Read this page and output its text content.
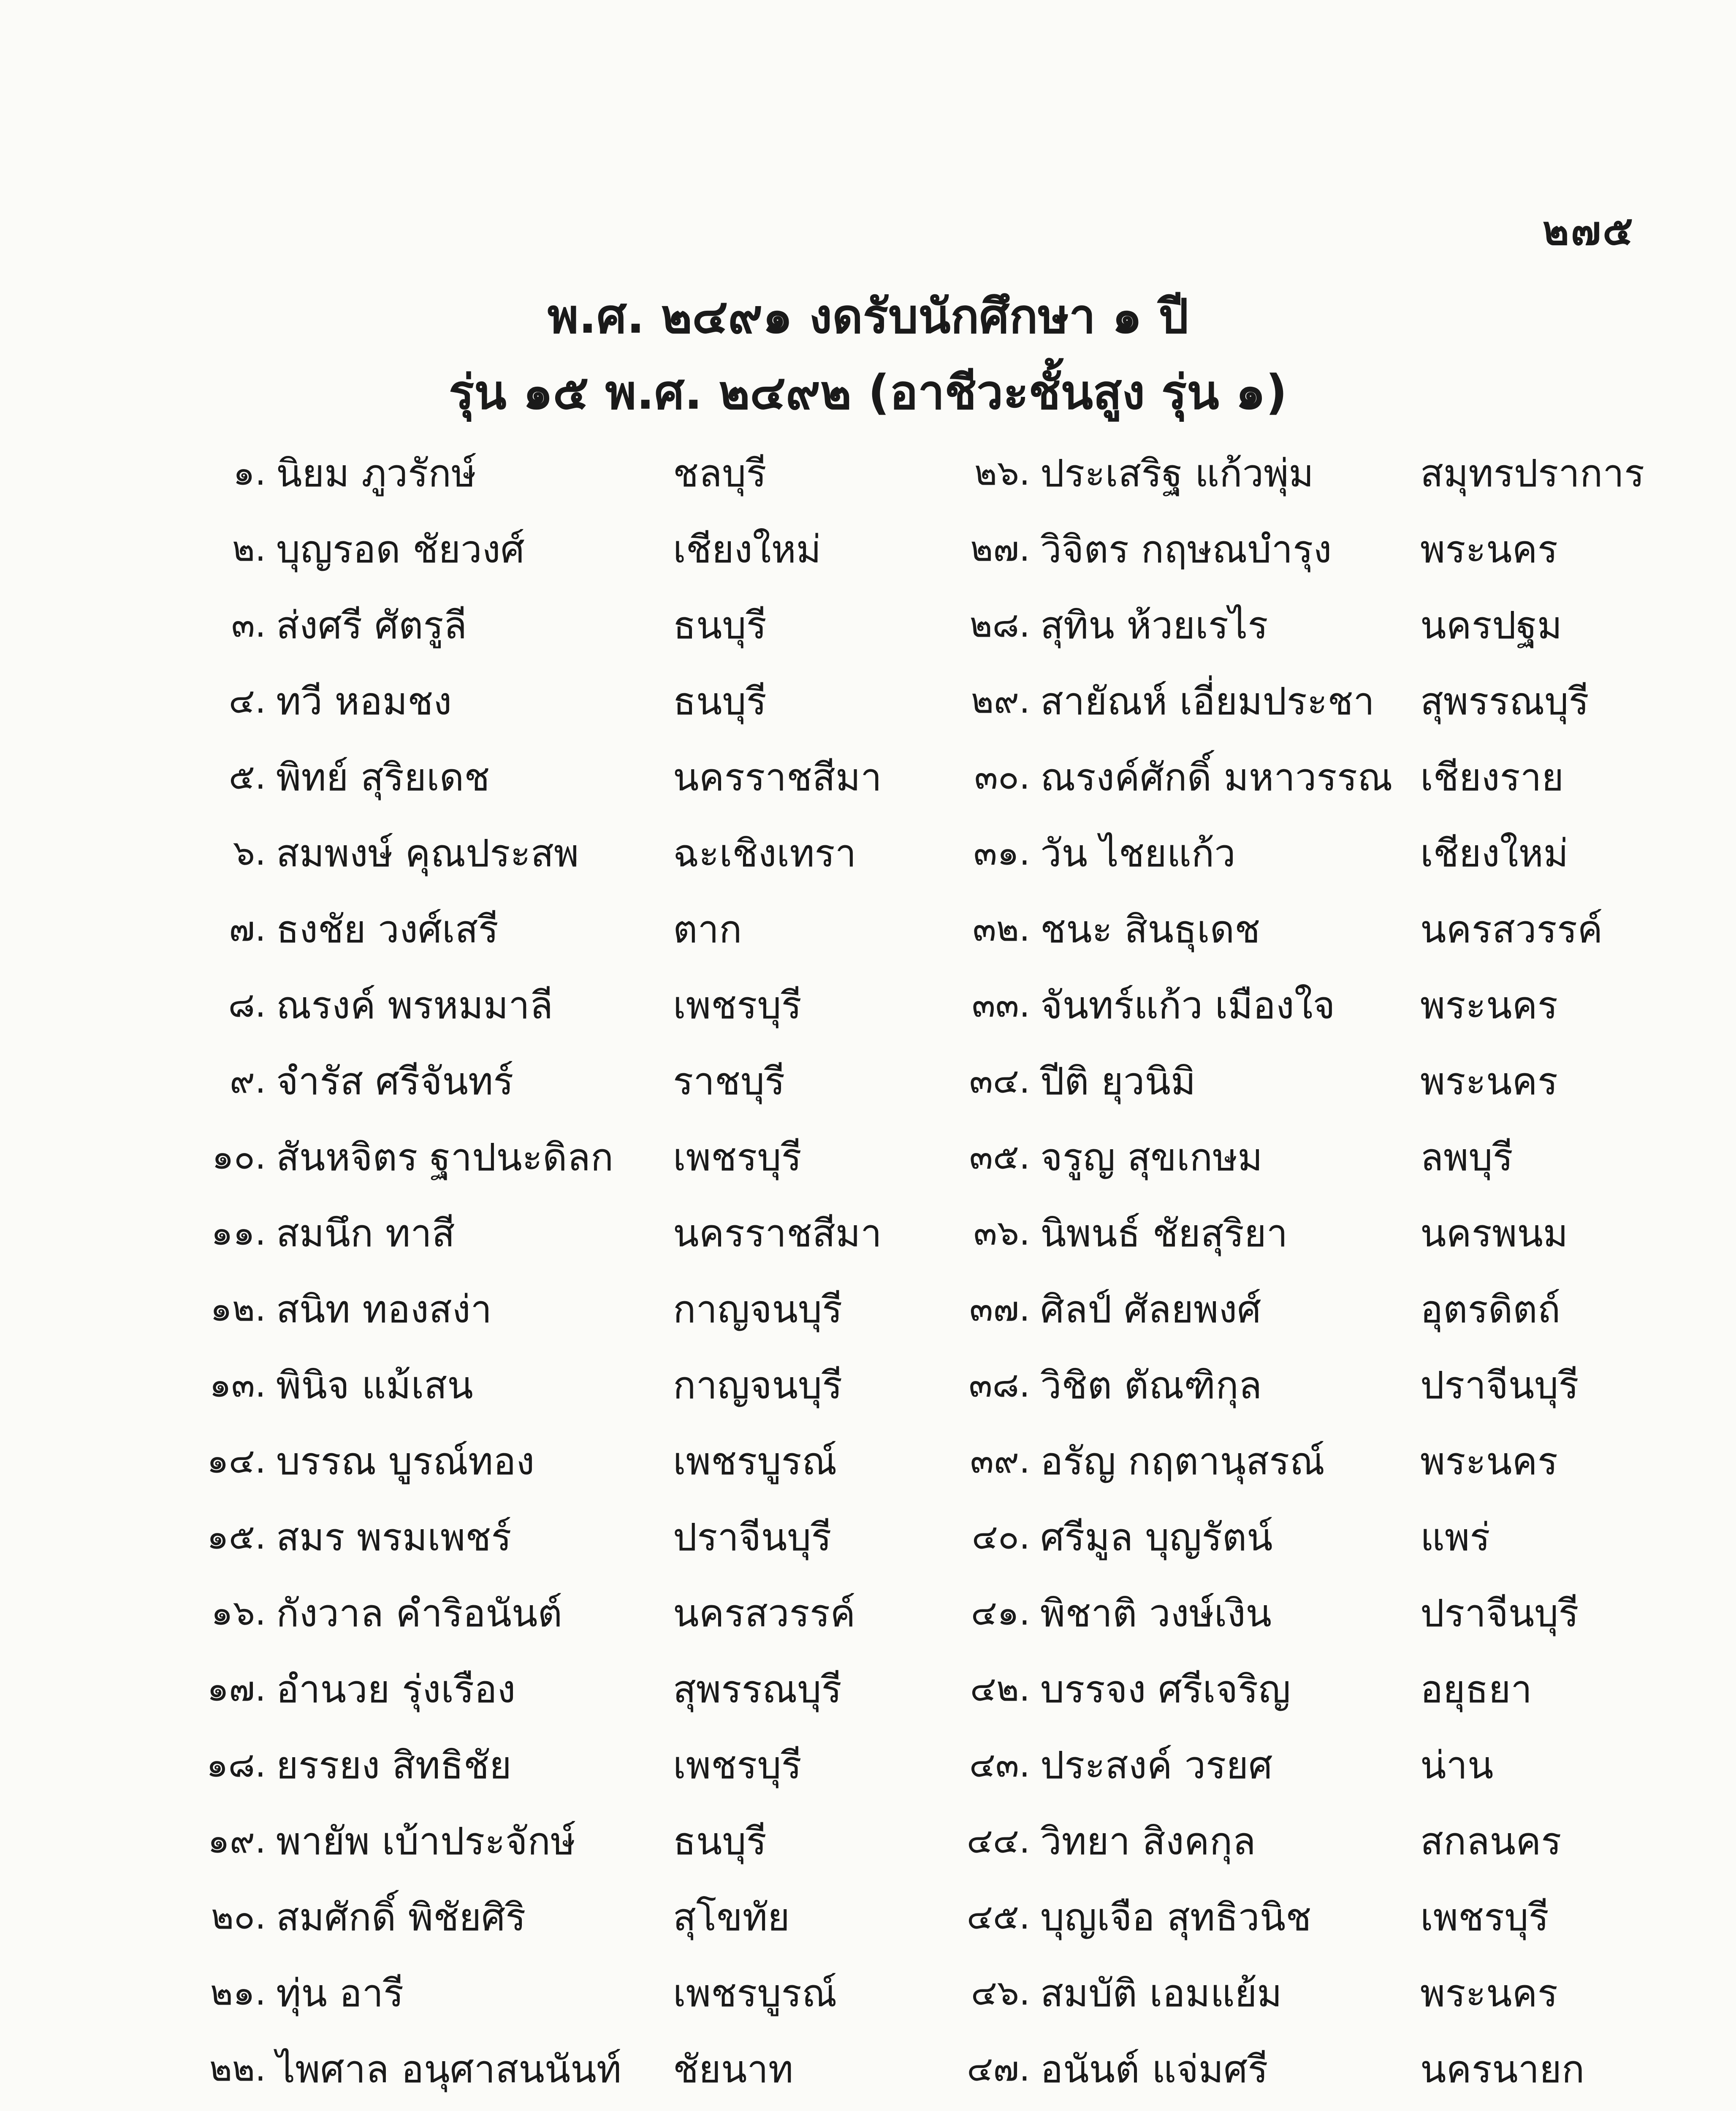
๒๗๕
พ.ศ. ๒๔๙๑ งดรับนักศึกษา ๑ ปี
รุ่น ๑๕ พ.ศ. ๒๔๙๒ (อาชีวะชั้นสูง รุ่น ๑)
๑. นิยม ภูวรักษ์	ชลบุรี
๒. บุญรอด ชัยวงศ์	เชียงใหม่
๓. ส่งศรี ศัตรูลี	ธนบุรี
๔. ทวี หอมชง	ธนบุรี
๕. พิทย์ สุริยเดช	นครราชสีมา
๖. สมพงษ์ คุณประสพ	ฉะเชิงเทรา
๗. ธงชัย วงศ์เสรี	ตาก
๘. ณรงค์ พรหมมาลี	เพชรบุรี
๙. จำรัส ศรีจันทร์	ราชบุรี
๑๐. สันหจิตร ฐาปนะดิลก	เพชรบุรี
๑๑. สมนึก ทาสี	นครราชสีมา
๑๒. สนิท ทองสง่า	กาญจนบุรี
๑๓. พินิจ แม้เสน	กาญจนบุรี
๑๔. บรรณ บูรณ์ทอง	เพชรบูรณ์
๑๕. สมร พรมเพชร์	ปราจีนบุรี
๑๖. กังวาล คำริอนันต์	นครสวรรค์
๑๗. อำนวย รุ่งเรือง	สุพรรณบุรี
๑๘. ยรรยง สิทธิชัย	เพชรบุรี
๑๙. พายัพ เบ้าประจักษ์	ธนบุรี
๒๐. สมศักดิ์ พิชัยศิริ	สุโขทัย
๒๑. ทุ่น อารี	เพชรบูรณ์
๒๒. ไพศาล อนุศาสนนันท์	ชัยนาท
๒๖. ประเสริฐ แก้วพุ่ม	สมุทรปราการ
๒๗. วิจิตร กฤษณบำรุง	พระนคร
๒๘. สุทิน ห้วยเรไร	นครปฐม
๒๙. สายัณห์ เอี่ยมประชา	สุพรรณบุรี
๓๐. ณรงค์ศักดิ์ มหาวรรณ เชียงราย
๓๑. วัน ไชยแก้ว	เชียงใหม่
๓๒. ชนะ สินธุเดช	นครสวรรค์
๓๓. จันทร์แก้ว เมืองใจ	พระนคร
๓๔. ปีติ ยุวนิมิ	พระนคร
๓๕. จรูญ สุขเกษม	ลพบุรี
๓๖. นิพนธ์ ชัยสุริยา	นครพนม
๓๗. ศิลป์ ศัลยพงศ์	อุตรดิตถ์
๓๘. วิชิต ตัณฑิกุล	ปราจีนบุรี
๓๙. อรัญ กฤตานุสรณ์	พระนคร
๔๐. ศรีมูล บุญรัตน์	แพร่
๔๑. พิชาติ วงษ์เงิน	ปราจีนบุรี
๔๒. บรรจง ศรีเจริญ	อยุธยา
๔๓. ประสงค์ วรยศ	น่าน
๔๔. วิทยา สิงคกุล	สกลนคร
๔๕. บุญเจือ สุทธิวนิช	เพชรบุรี
๔๖. สมบัติ เอมแย้ม	พระนคร
๔๗. อนันต์ แจ่มศรี	นครนายก
